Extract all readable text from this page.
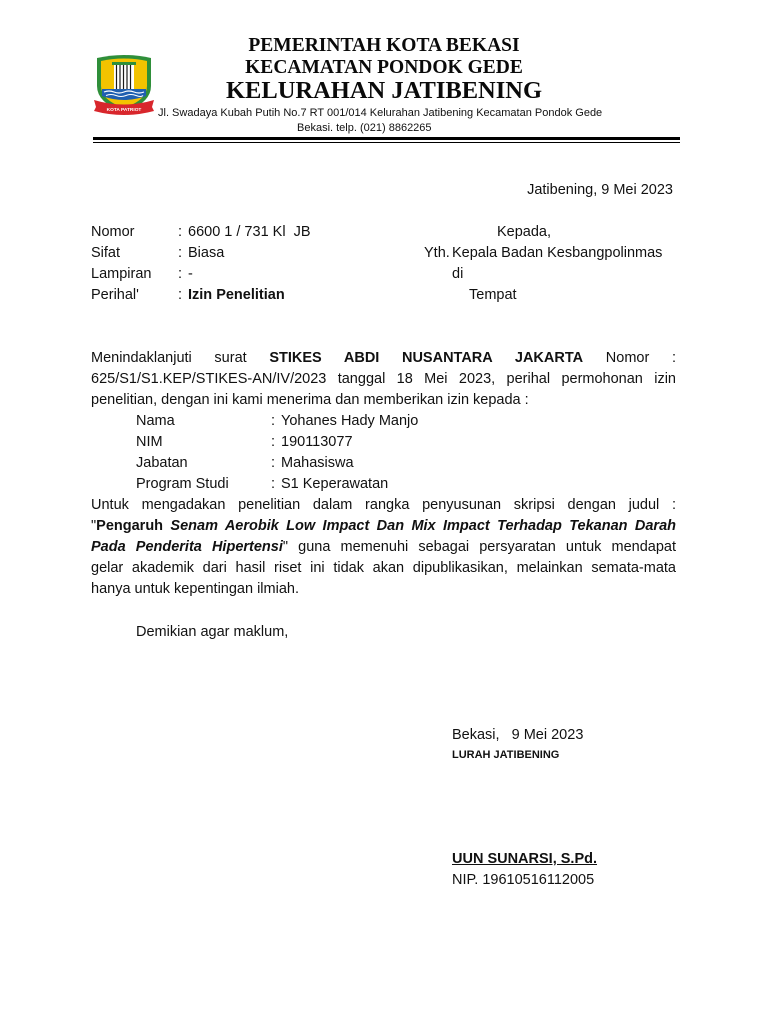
KOTA PATRIOT
PEMERINTAH KOTA BEKASI
KECAMATAN PONDOK GEDE
KELURAHAN JATIBENING
Jl. Swadaya Kubah Putih No.7 RT 001/014 Kelurahan Jatibening Kecamatan Pondok Gede
Bekasi. telp. (021) 8862265
Jatibening, 9 Mei 2023
Nomor	: 6600 1 / 731 Kl  JB
Sifat	: Biasa
Lampiran : -
Perihal'	: Izin Penelitian
Kepada,
Yth. Kepala Badan Kesbangpolinmas
di
Tempat
Menindaklanjuti surat STIKES ABDI NUSANTARA JAKARTA Nomor :
625/S1/S1.KEP/STIKES-AN/IV/2023 tanggal 18 Mei 2023, perihal permohonan izin
penelitian, dengan ini kami menerima dan memberikan izin kepada :
Nama	: Yohanes Hady Manjo
NIM	: 190113077
Jabatan	: Mahasiswa
Program Studi	: S1 Keperawatan
Untuk mengadakan penelitian dalam rangka penyusunan skripsi dengan judul :
"Pengaruh Senam Aerobik Low Impact Dan Mix Impact Terhadap Tekanan Darah
Pada Penderita Hipertensi" guna memenuhi sebagai persyaratan untuk mendapat
gelar akademik dari hasil riset ini tidak akan dipublikasikan, melainkan semata-mata
hanya untuk kepentingan ilmiah.
Demikian agar maklum,
Bekasi,   9 Mei 2023
LURAH JATIBENING
UUN SUNARSI, S.Pd.
NIP. 19610516112005
